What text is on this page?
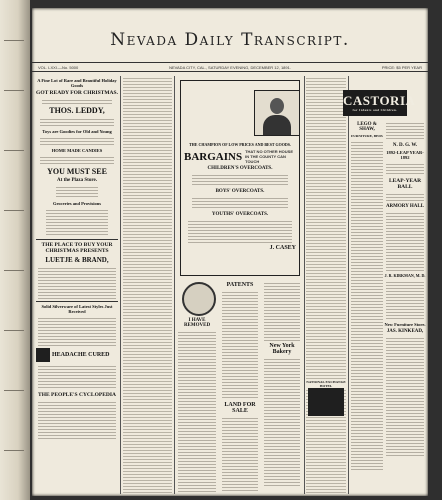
Nevada Daily Transcript.
VOL. LXXI.—No. 5000	NEVADA CITY, CAL., SATURDAY EVENING, DECEMBER 12, 1891.	PRICE: $5 PER YEAR

A Fine Lot of Rare and Beautiful Holiday Goods

GOT READY FOR CHRISTMAS.

THOS. LEDDY,

Toys are Goodies for Old and Young

HOME MADE CANDIES

YOU MUST SEE

At the Plaza Store.

Groceries and Provisions

THE PLACE TO BUY YOUR CHRISTMAS PRESENTS

LUETJE & BRAND,

Solid Silverware of Latest Styles Just Received

HEADACHE CURED

THE PEOPLE'S CYCLOPEDIA

THE CHAMPION OF LOW PRICES AND BEST GOODS.

BARGAINS THAT NO OTHER HOUSE IN THE COUNTY CAN TOUCH

CHILDREN'S OVERCOATS.

BOYS' OVERCOATS.

YOUTHS' OVERCOATS.

J. CASEY

I HAVE REMOVED

PATENTS

LAND FOR SALE

New York Bakery

NATIONAL EXCHANGE HOTEL

CASTORIA
for Infants and Children.

LEGO & SHAW,

FURNITURE, BEDS

N. D. G. W.

1892-LEAP YEAR-1892

LEAP-YEAR BALL

ARMORY HALL

J. R. KIRKMAN, M. D.

New Furniture Store.

JAS. KINKEAD,
